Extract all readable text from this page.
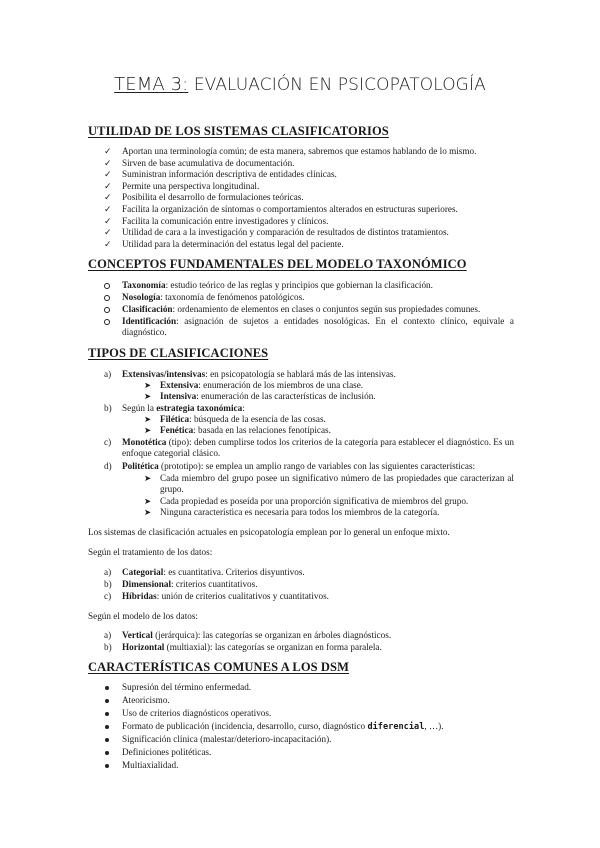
TEMA 3: EVALUACIÓN EN PSICOPATOLOGÍA
UTILIDAD DE LOS SISTEMAS CLASIFICATORIOS
✓ Aportan una terminología común; de esta manera, sabremos que estamos hablando de lo mismo.
✓ Sirven de base acumulativa de documentación.
✓ Suministran información descriptiva de entidades clínicas.
✓ Permite una perspectiva longitudinal.
✓ Posibilita el desarrollo de formulaciones teóricas.
✓ Facilita la organización de síntomas o comportamientos alterados en estructuras superiores.
✓ Facilita la comunicación entre investigadores y clínicos.
✓ Utilidad de cara a la investigación y comparación de resultados de distintos tratamientos.
✓ Utilidad para la determinación del estatus legal del paciente.
CONCEPTOS FUNDAMENTALES DEL MODELO TAXONÓMICO
Taxonomía: estudio teórico de las reglas y principios que gobiernan la clasificación.
Nosología: taxonomía de fenómenos patológicos.
Clasificación: ordenamiento de elementos en clases o conjuntos según sus propiedades comunes.
Identificación: asignación de sujetos a entidades nosológicas. En el contexto clínico, equivale a diagnóstico.
TIPOS DE CLASIFICACIONES
a) Extensivas/intensivas: en psicopatología se hablará más de las intensivas.
➤ Extensiva: enumeración de los miembros de una clase.
➤ Intensiva: enumeración de las características de inclusión.
b) Según la estrategia taxonómica:
➤ Filética: búsqueda de la esencia de las cosas.
➤ Fenética: basada en las relaciones fenotípicas.
c) Monotética (tipo): deben cumplirse todos los criterios de la categoría para establecer el diagnóstico. Es un enfoque categorial clásico.
d) Politética (prototipo): se emplea un amplio rango de variables con las siguientes características:
➤ Cada miembro del grupo posee un significativo número de las propiedades que caracterizan al grupo.
➤ Cada propiedad es poseída por una proporción significativa de miembros del grupo.
➤ Ninguna característica es necesaria para todos los miembros de la categoría.
Los sistemas de clasificación actuales en psicopatología emplean por lo general un enfoque mixto.
Según el tratamiento de los datos:
a) Categorial: es cuantitativa. Criterios disyuntivos.
b) Dimensional: criterios cuantitativos.
c) Híbridas: unión de criterios cualitativos y cuantitativos.
Según el modelo de los datos:
a) Vertical (jerárquica): las categorías se organizan en árboles diagnósticos.
b) Horizontal (multiaxial): las categorías se organizan en forma paralela.
CARACTERÍSTICAS COMUNES A LOS DSM
Supresión del término enfermedad.
Ateoricismo.
Uso de criterios diagnósticos operativos.
Formato de publicación (incidencia, desarrollo, curso, diagnóstico diferencial, …).
Significación clínica (malestar/deterioro-incapacitación).
Definiciones politéticas.
Multiaxialidad.
